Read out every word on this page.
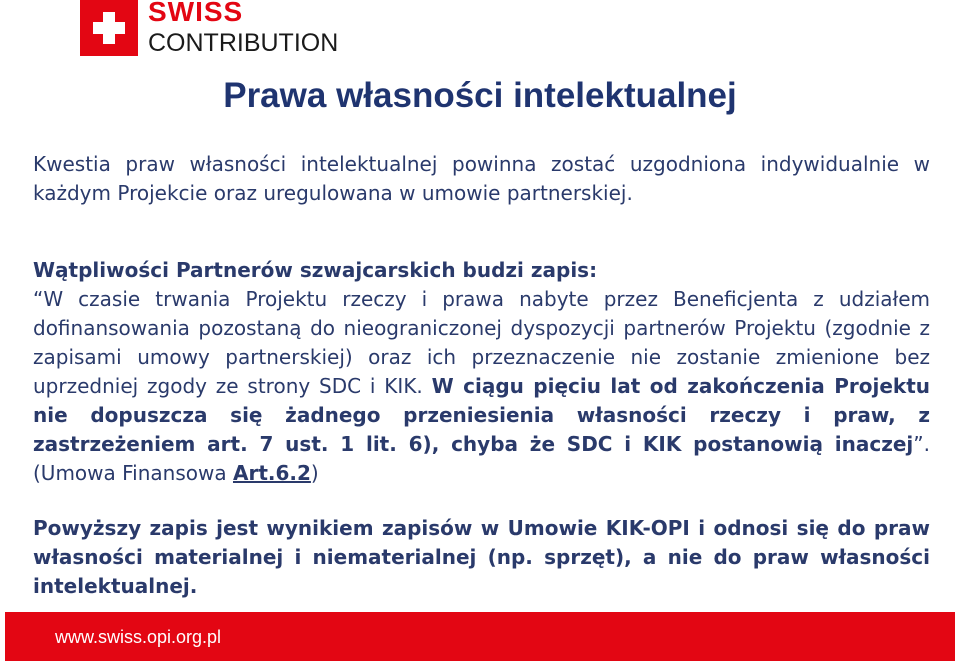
SWISS
CONTRIBUTION
Prawa własności intelektualnej

Kwestia praw własności intelektualnej powinna zostać uzgodniona indywidualnie w każdym Projekcie oraz uregulowana w umowie partnerskiej.

Wątpliwości Partnerów szwajcarskich budzi zapis:

“W czasie trwania Projektu rzeczy i prawa nabyte przez Beneficjenta z udziałem dofinansowania pozostaną do nieograniczonej dyspozycji partnerów Projektu (zgodnie z zapisami umowy partnerskiej) oraz ich przeznaczenie nie zostanie zmienione bez uprzedniej zgody ze strony SDC i KIK. W ciągu pięciu lat od zakończenia Projektu nie dopuszcza się żadnego przeniesienia własności rzeczy i praw, z zastrzeżeniem art. 7 ust. 1 lit. 6), chyba że SDC i KIK postanowią inaczej”. (Umowa Finansowa Art.6.2)

Powyższy zapis jest wynikiem zapisów w Umowie KIK-OPI i odnosi się do praw własności materialnej i niematerialnej (np. sprzęt), a nie do praw własności intelektualnej.

www.swiss.opi.org.pl
